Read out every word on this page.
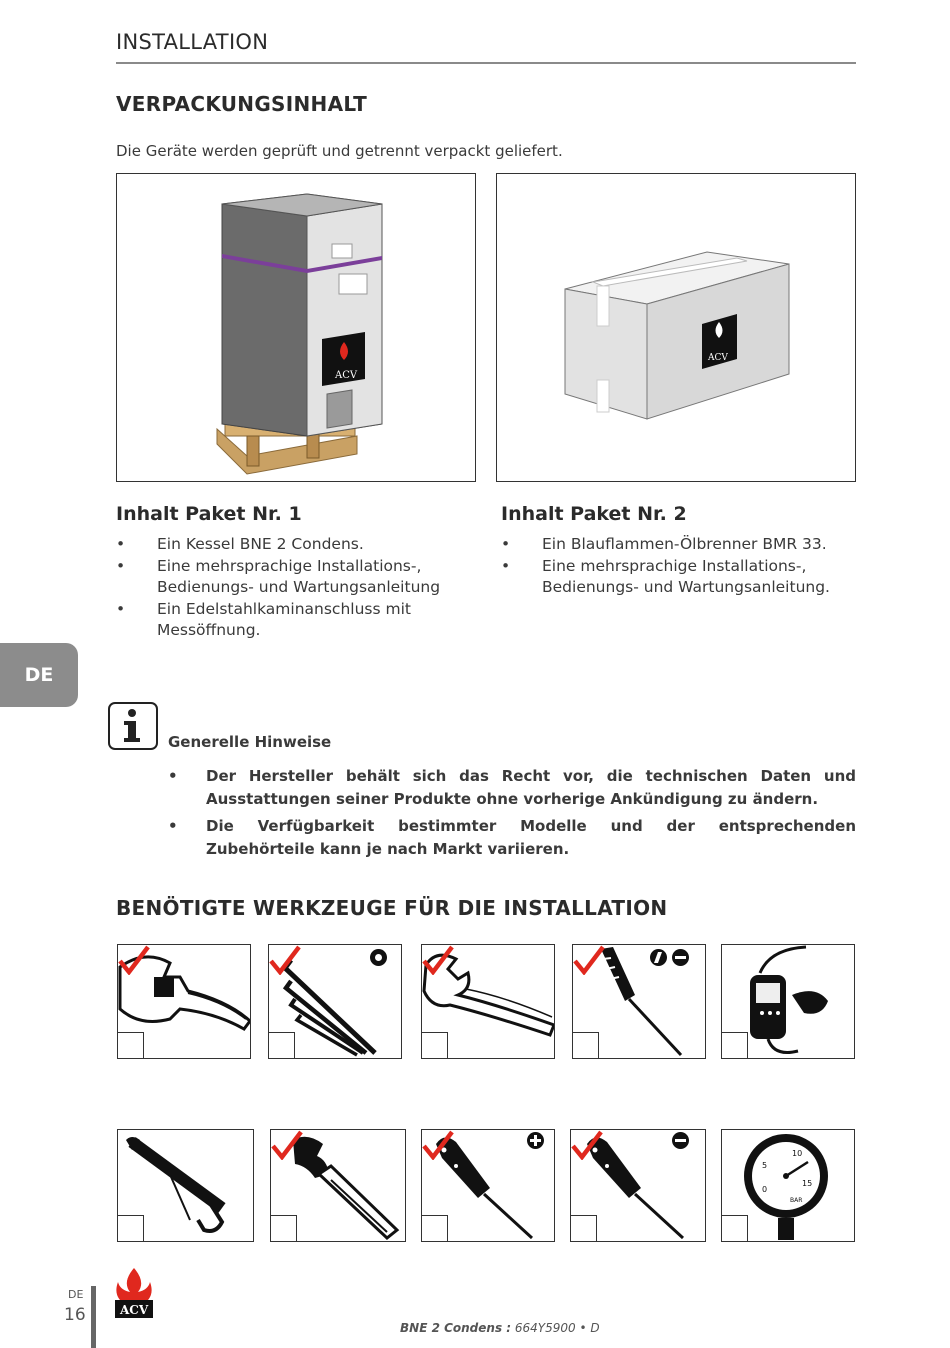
INSTALLATION
VERPACKUNGSINHALT
Die Geräte werden geprüft und getrennt verpackt geliefert.
ACV
ACV
Inhalt Paket Nr. 1
• Ein Kessel BNE 2 Condens.
• Eine mehrsprachige Installations-, Bedienungs- und Wartungsanleitung
• Ein Edelstahlkaminanschluss mit Messöffnung.
Inhalt Paket Nr. 2
• Ein Blauflammen-Ölbrenner BMR 33.
• Eine mehrsprachige Installations-, Bedienungs- und Wartungsanleitung.
DE
Generelle Hinweise
• Der Hersteller behält sich das Recht vor, die technischen Daten und Ausstattungen seiner Produkte ohne vorherige Ankündigung zu ändern.
• Die Verfügbarkeit bestimmter Modelle und der entsprechenden Zubehörteile kann je nach Markt variieren.
BENÖTIGTE WERKZEUGE FÜR DIE INSTALLATION
0
5
10
15
BAR
DE
16	ACV
BNE 2 Condens : 664Y5900 • D
